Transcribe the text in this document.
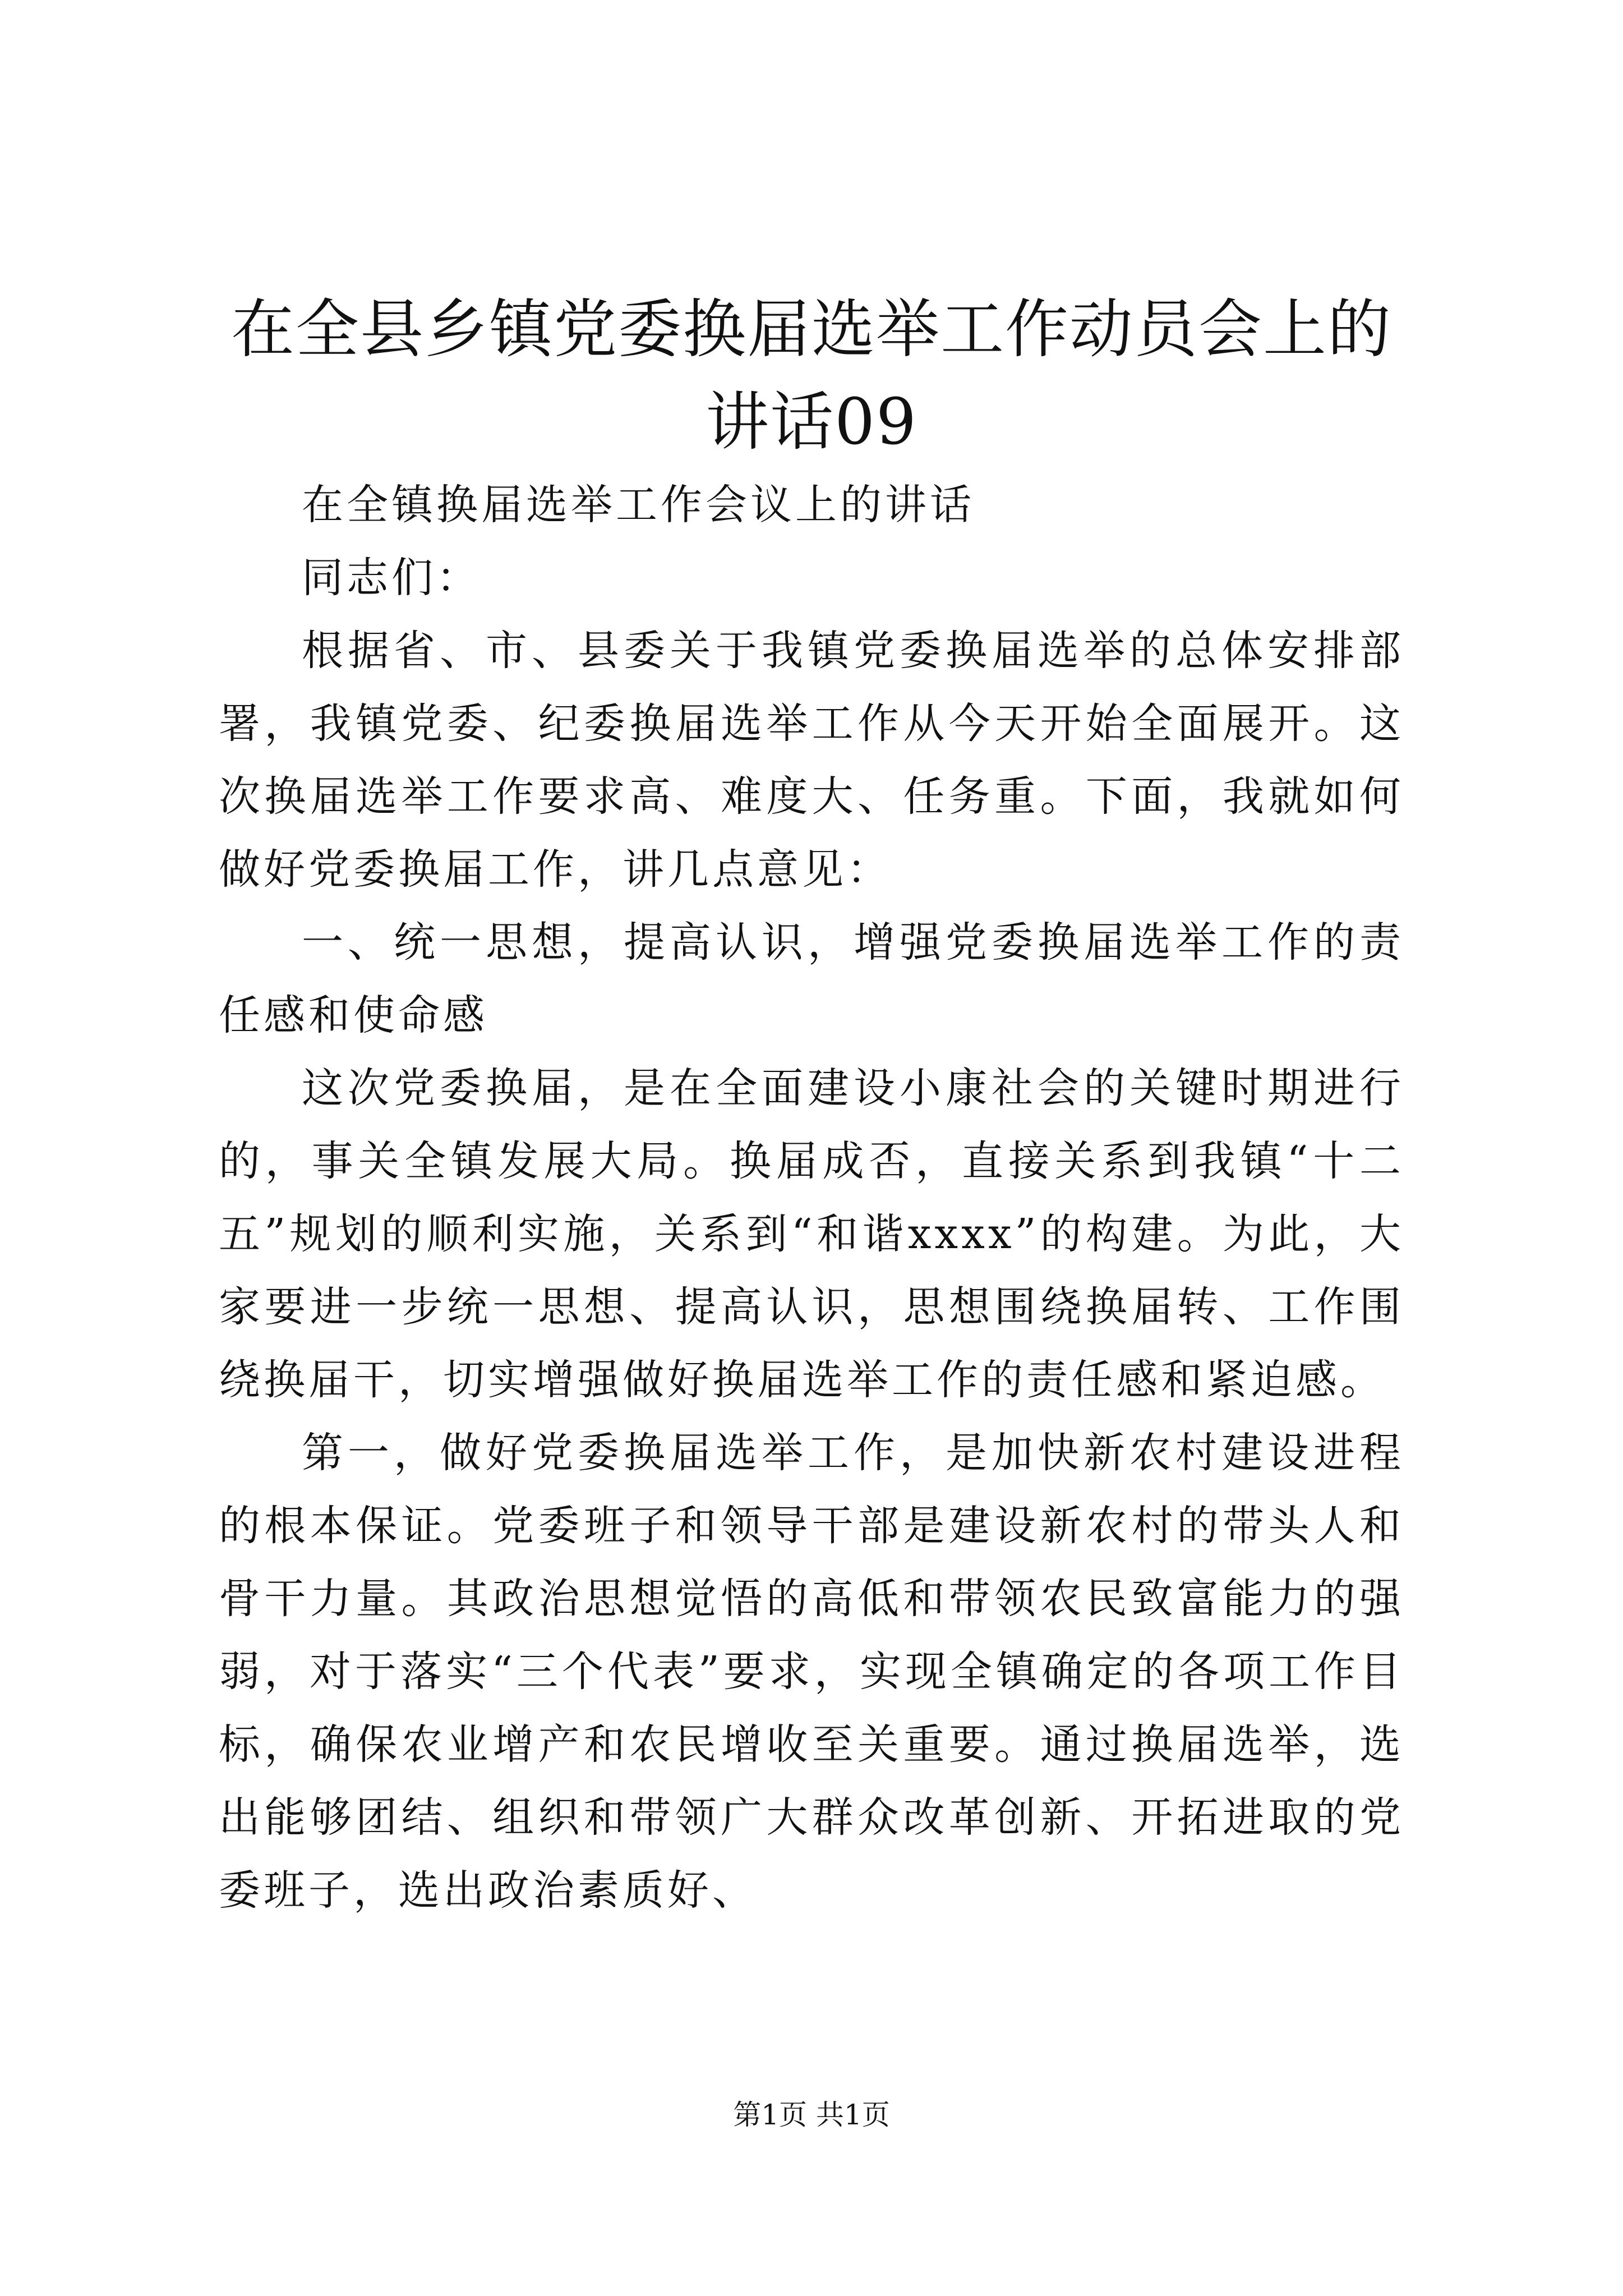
在全县乡镇党委换届选举工作动员会上的讲话09

在全镇换届选举工作会议上的讲话

同志们：

根据省、市、县委关于我镇党委换届选举的总体安排部署，我镇党委、纪委换届选举工作从今天开始全面展开。这次换届选举工作要求高、难度大、任务重。下面，我就如何做好党委换届工作，讲几点意见：

一、统一思想，提高认识，增强党委换届选举工作的责任感和使命感

这次党委换届，是在全面建设小康社会的关键时期进行的，事关全镇发展大局。换届成否，直接关系到我镇“十二五”规划的顺利实施，关系到“和谐xxxx”的构建。为此，大家要进一步统一思想、提高认识，思想围绕换届转、工作围绕换届干，切实增强做好换届选举工作的责任感和紧迫感。

第一，做好党委换届选举工作，是加快新农村建设进程的根本保证。党委班子和领导干部是建设新农村的带头人和骨干力量。其政治思想觉悟的高低和带领农民致富能力的强弱，对于落实“三个代表”要求，实现全镇确定的各项工作目标，确保农业增产和农民增收至关重要。通过换届选举，选出能够团结、组织和带领广大群众改革创新、开拓进取的党委班子，选出政治素质好、

第1页 共1页
